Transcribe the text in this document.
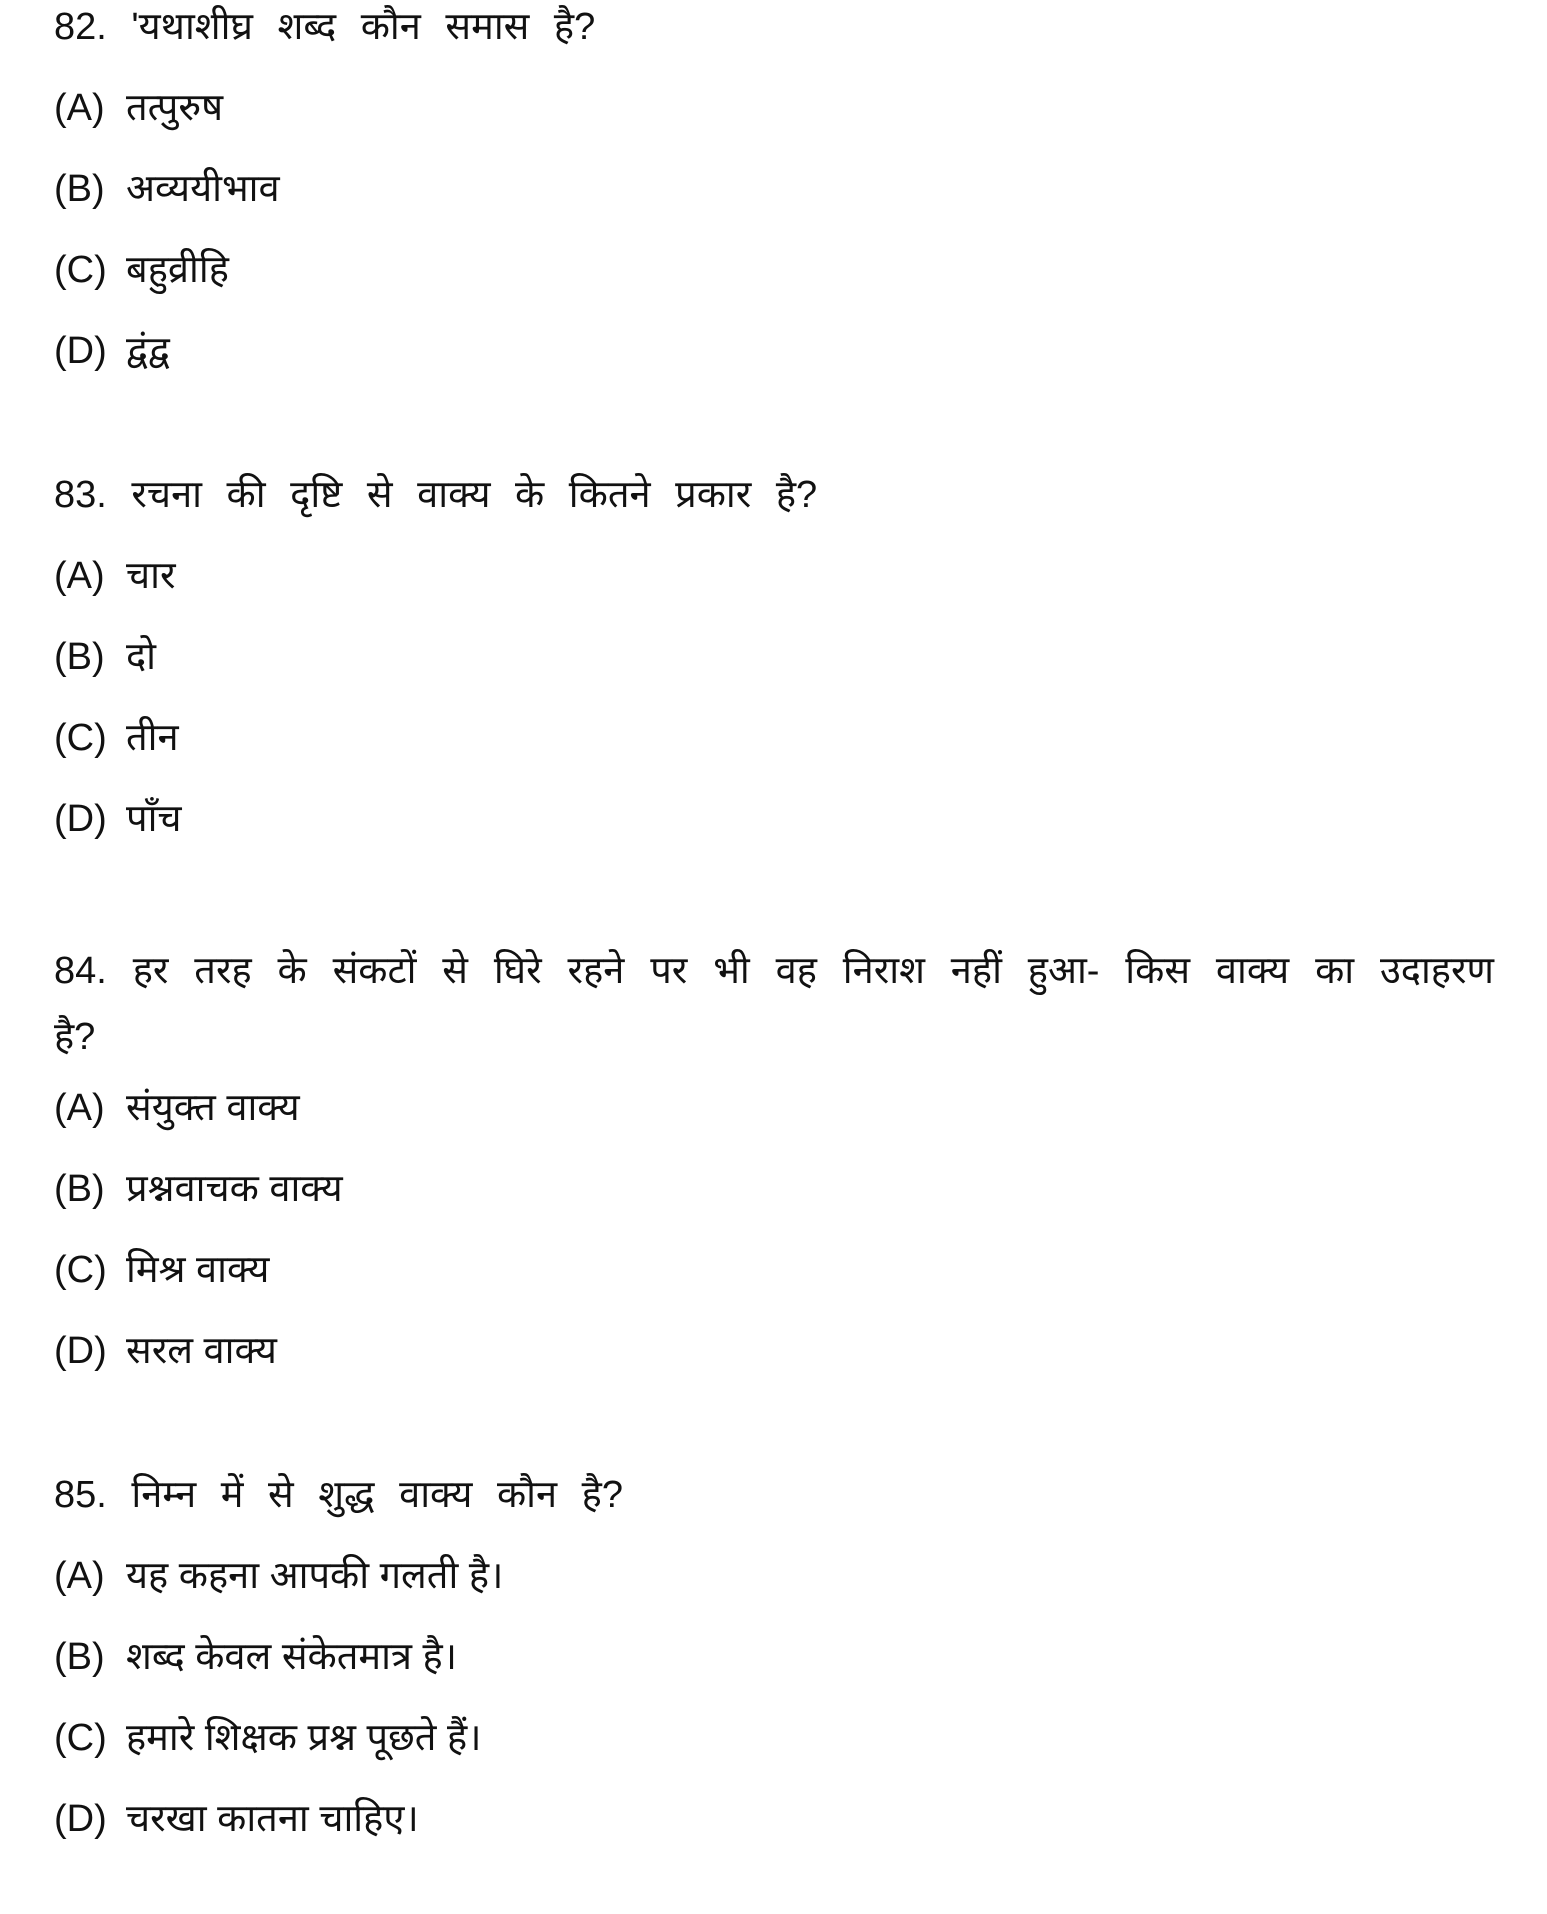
82. 'यथाशीघ्र शब्द कौन समास है?
(A) तत्पुरुष
(B) अव्ययीभाव
(C) बहुव्रीहि
(D) द्वंद्व
83. रचना की दृष्टि से वाक्य के कितने प्रकार है?
(A) चार
(B) दो
(C) तीन
(D) पाँच
84. हर तरह के संकटों से घिरे रहने पर भी वह निराश नहीं हुआ- किस वाक्य का उदाहरण
है?
(A) संयुक्त वाक्य
(B) प्रश्नवाचक वाक्य
(C) मिश्र वाक्य
(D) सरल वाक्य
85. निम्न में से शुद्ध वाक्य कौन है?
(A) यह कहना आपकी गलती है।
(B) शब्द केवल संकेतमात्र है।
(C) हमारे शिक्षक प्रश्न पूछते हैं।
(D) चरखा कातना चाहिए।
